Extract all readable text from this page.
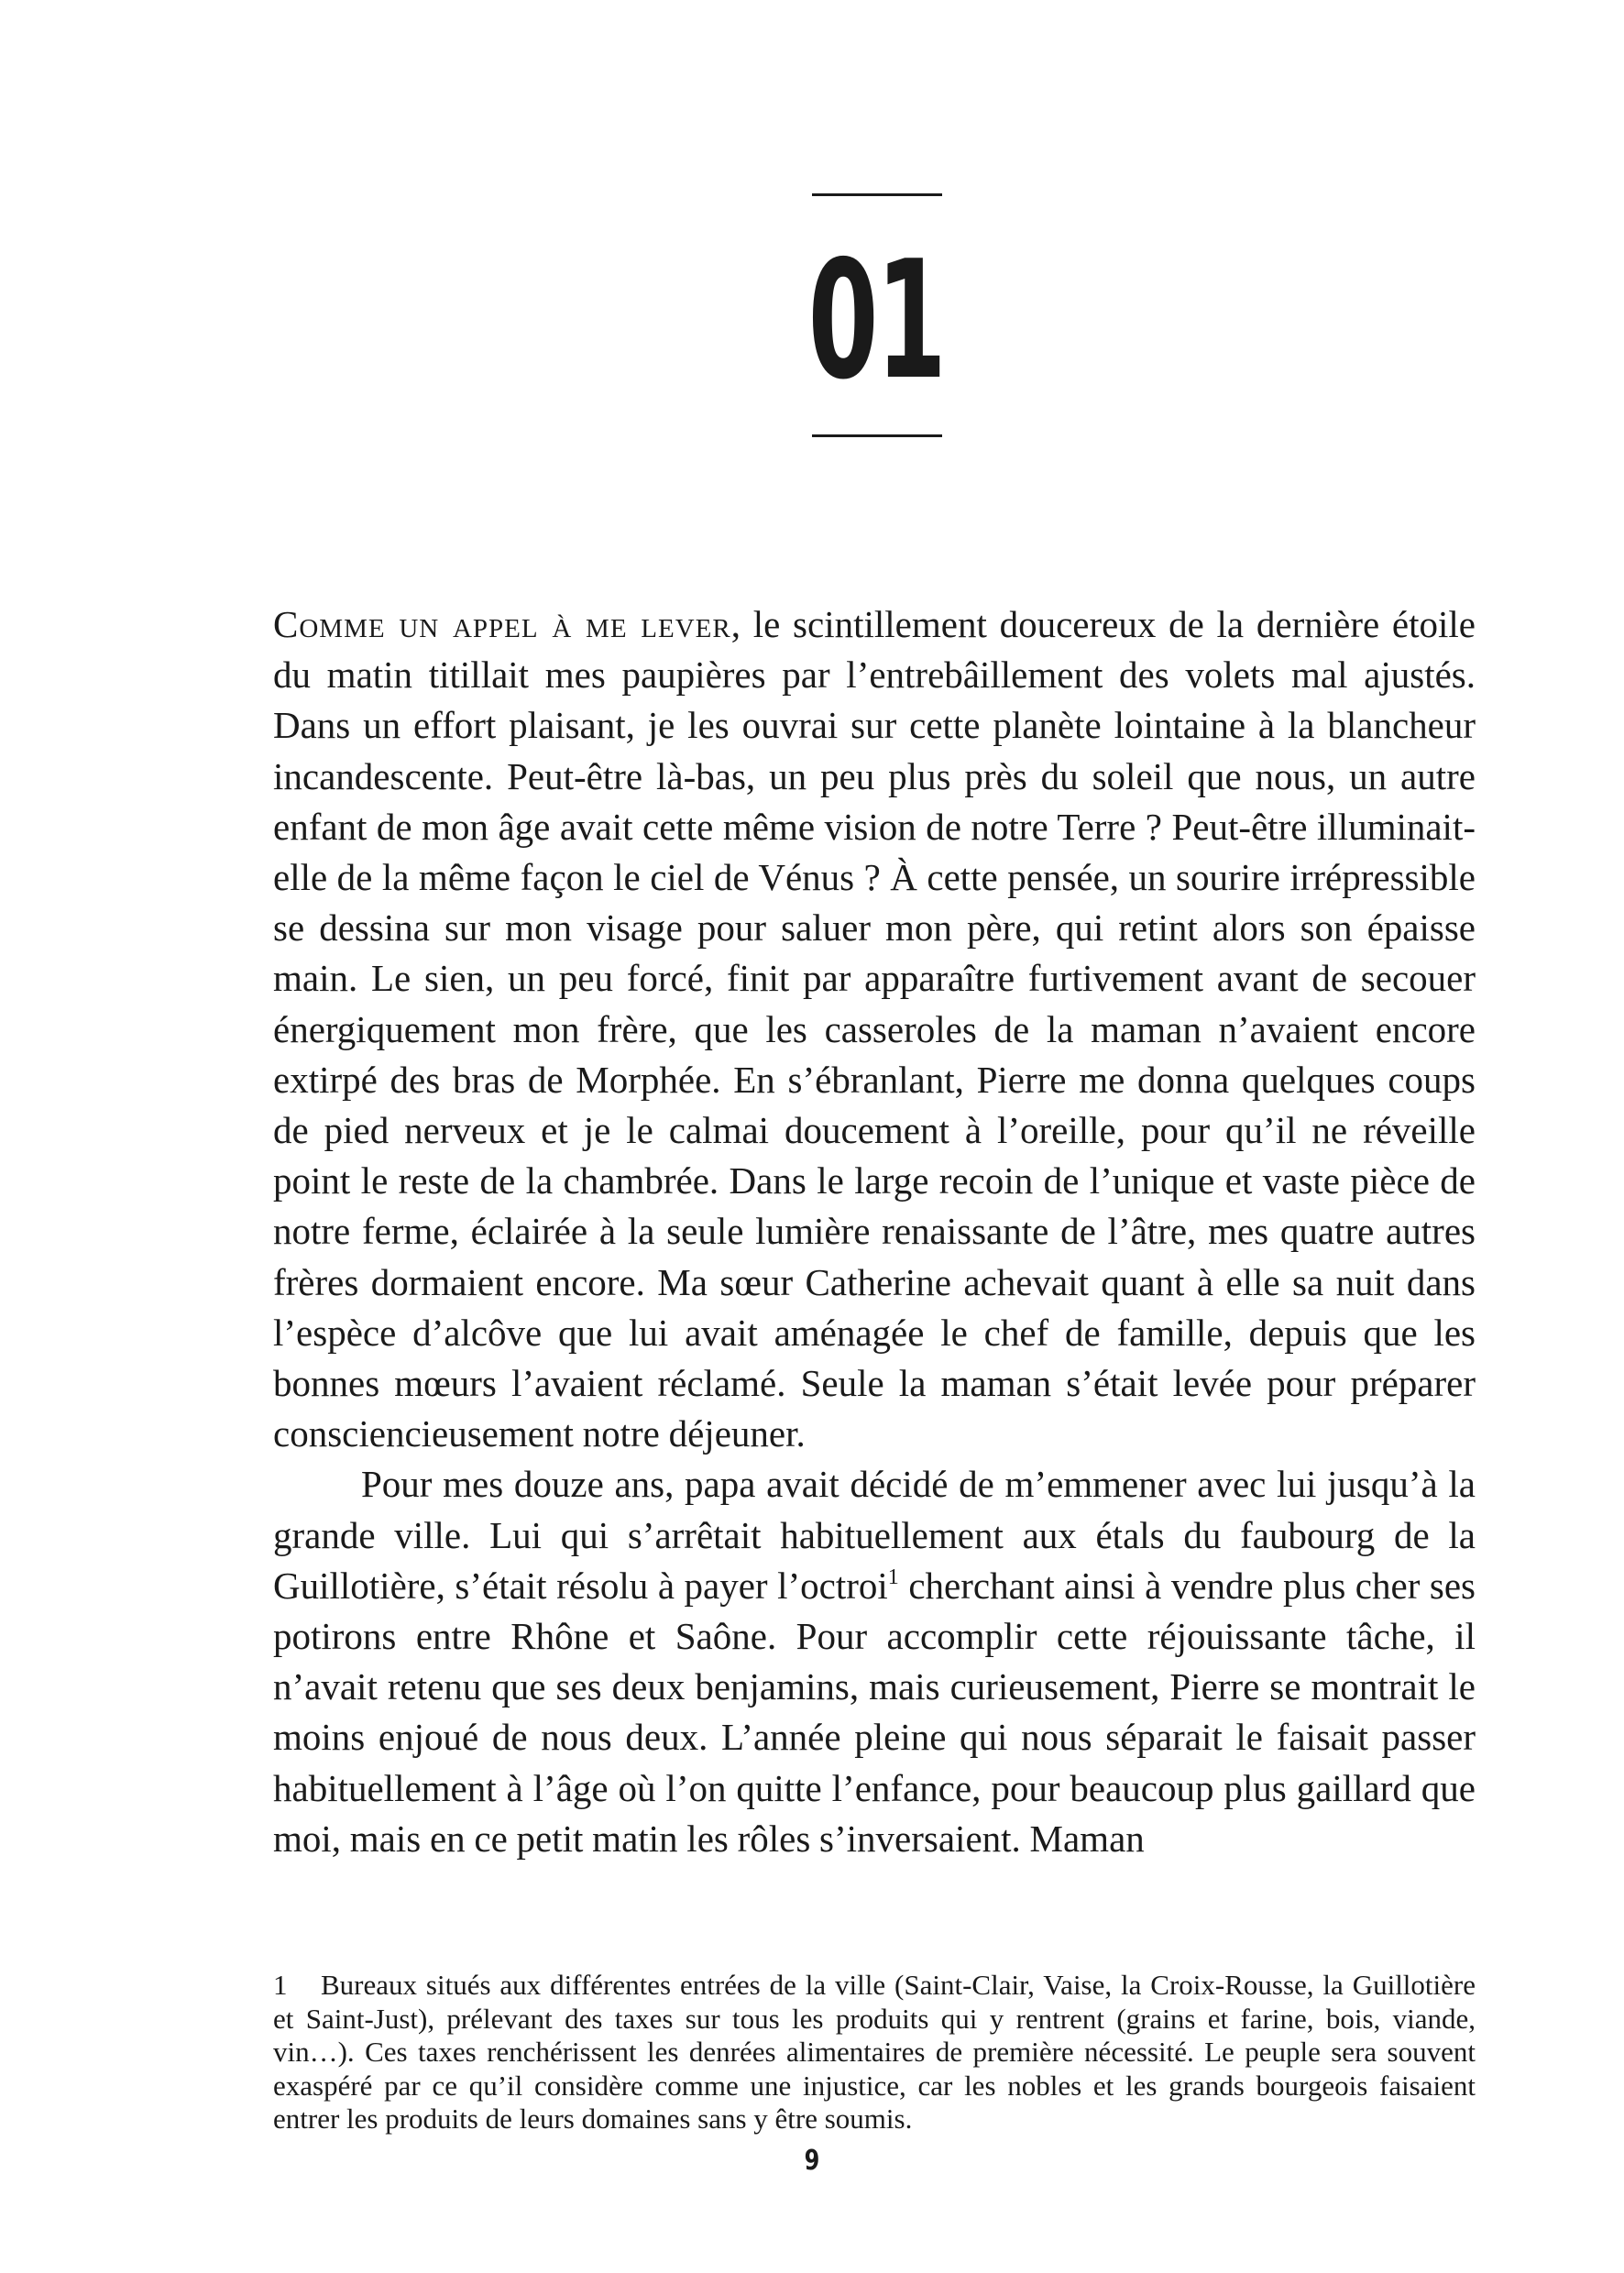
01

Comme un appel à me lever, le scintillement doucereux de la dernière étoile du matin titillait mes paupières par l’entrebâillement des volets mal ajustés. Dans un effort plaisant, je les ouvrai sur cette planète lointaine à la blancheur incandescente. Peut-être là-bas, un peu plus près du soleil que nous, un autre enfant de mon âge avait cette même vision de notre Terre ? Peut-être illuminait-elle de la même façon le ciel de Vénus ? À cette pensée, un sourire irrépressible se dessina sur mon visage pour saluer mon père, qui retint alors son épaisse main. Le sien, un peu forcé, finit par apparaître furtivement avant de secouer énergiquement mon frère, que les casseroles de la maman n’avaient encore extirpé des bras de Morphée. En s’ébranlant, Pierre me donna quelques coups de pied nerveux et je le calmai doucement à l’oreille, pour qu’il ne réveille point le reste de la chambrée. Dans le large recoin de l’unique et vaste pièce de notre ferme, éclairée à la seule lumière renaissante de l’âtre, mes quatre autres frères dormaient encore. Ma sœur Catherine achevait quant à elle sa nuit dans l’espèce d’alcôve que lui avait aménagée le chef de famille, depuis que les bonnes mœurs l’avaient réclamé. Seule la maman s’était levée pour préparer consciencieusement notre déjeuner.

Pour mes douze ans, papa avait décidé de m’emmener avec lui jusqu’à la grande ville. Lui qui s’arrêtait habituellement aux étals du faubourg de la Guillotière, s’était résolu à payer l’octroi$^1$ cherchant ainsi à vendre plus cher ses potirons entre Rhône et Saône. Pour accomplir cette réjouissante tâche, il n’avait retenu que ses deux benjamins, mais curieusement, Pierre se montrait le moins enjoué de nous deux. L’année pleine qui nous séparait le faisait passer habituellement à l’âge où l’on quitte l’enfance, pour beaucoup plus gaillard que moi, mais en ce petit matin les rôles s’inversaient. Maman

1 Bureaux situés aux différentes entrées de la ville (Saint-Clair, Vaise, la Croix-Rousse, la Guillotière et Saint-Just), prélevant des taxes sur tous les produits qui y rentrent (grains et farine, bois, viande, vin…). Ces taxes renchérissent les denrées alimentaires de première nécessité. Le peuple sera souvent exaspéré par ce qu’il considère comme une injustice, car les nobles et les grands bourgeois faisaient entrer les produits de leurs domaines sans y être soumis.
9
